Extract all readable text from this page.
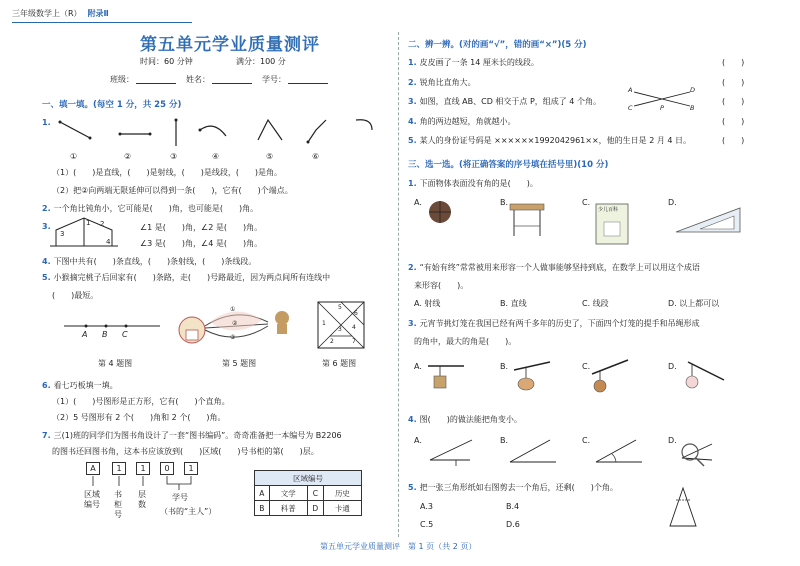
三年级数学上（R） 附录Ⅱ
第五单元学业质量测评
时间：60 分钟	满分：100 分
班级：	姓名：	学号：
一、填一填。(每空 1 分，共 25 分)
1.
①	②	③	④	⑤	⑥
（1）(　　)是直线，(　　)是射线，(　　)是线段，(　　)是角。
（2）把②向两端无限延伸可以得到一条(　　)，它有(　　)个端点。
2. 一个角比钝角小，它可能是(　　)角，也可能是(　　)角。
3.
3
1 2
4
∠1 是(　　)角，∠2 是(　　)角。
∠3 是(　　)角，∠4 是(　　)角。
4. 下图中共有(　　)条直线，(　　)条射线，(　　)条线段。
5. 小猴摘完桃子后回家有(　　)条路，走(　　)号路最近，因为两点间所有连线中
(　　)最短。
A B C
①
②
③
5
6
1
4
3
2	7
第 4 题图	第 5 题图	第 6 题图
6. 看七巧板填一填。
（1）(　　)号图形是正方形，它有(　　)个直角。
（2）5 号图形有 2 个(　　)角和 2 个(　　)角。
7. 三(1)班的同学们为图书角设计了一套“图书编码”。奇奇准备把一本编号为 B2206
的图书还回图书角，这本书应该放到(　　)区域(　　)号书柜的第(　　)层。
A	1	1	0	1
区域
编号
书
柜
号
层
数
学号
（书的“主人”）
区域编号			
A	文学	C	历史
B	科普	D	卡通
二、辨一辨。(对的画“√”，错的画“×”)(5 分)
1. 皮皮画了一条 14 厘米长的线段。	(　　)
2. 锐角比直角大。	(　　)
3. 如图，直线 AB、CD 相交于点 P，组成了 4 个角。
A
C	P
D
B
(　　)
4. 角的两边越短，角就越小。	(　　)
5. 某人的身份证号码是 ××××××1992042961××，他的生日是 2 月 4 日。	(　　)
三、选一选。(将正确答案的序号填在括号里)(10 分)
1. 下面物体表面没有角的是(　　)。
A.	B.	C.	D.
少儿百科
2. “有始有终”常常被用来形容一个人做事能够坚持到底，在数学上可以用这个成语
来形容(　　)。
A. 射线	B. 直线	C. 线段	D. 以上都可以
3. 元宵节挑灯笼在我国已经有两千多年的历史了，下面四个灯笼的提手和吊绳形成
的角中，最大的角是(　　)。
A.	B.	C.	D.
4. 图(　　)的做法能把角变小。
A.	B.	C.	D.
5. 把一张三角形纸如右图剪去一个角后，还剩(　　)个角。
A.3	B.4
C.5	D.6
第五单元学业质量测评　第 1 页（共 2 页）
